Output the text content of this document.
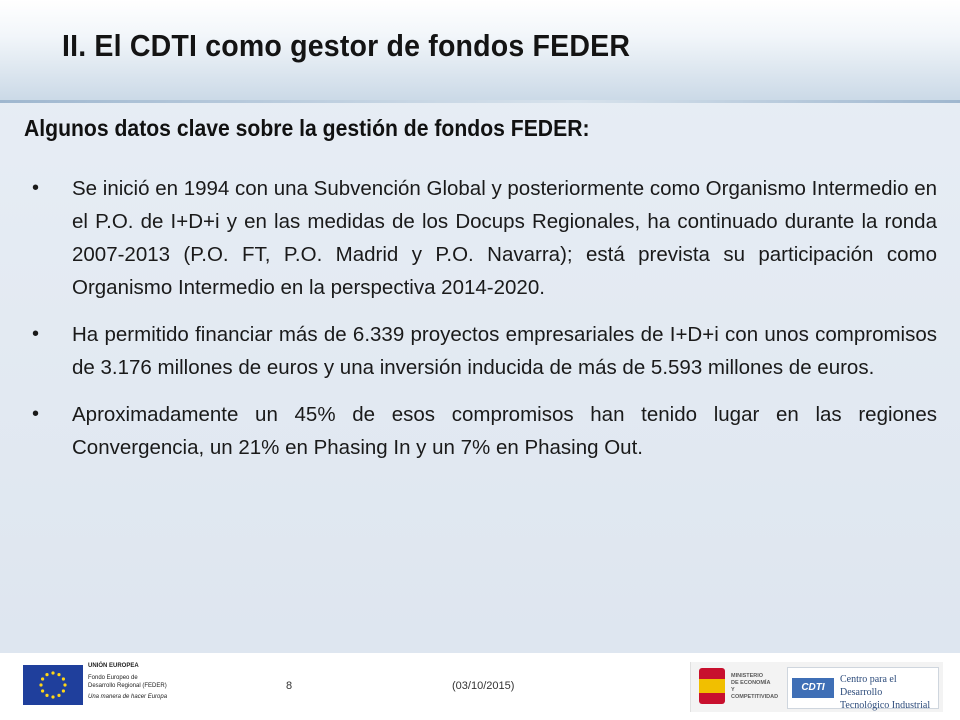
II. El CDTI como gestor de fondos FEDER
Algunos datos clave sobre la gestión de fondos FEDER:
• Se inició en 1994 con una Subvención Global y posteriormente como Organismo Intermedio en el P.O. de I+D+i y en las medidas de los Docups Regionales, ha continuado durante la ronda 2007-2013 (P.O. FT, P.O. Madrid y P.O. Navarra); está prevista su participación como Organismo Intermedio en la perspectiva 2014-2020.
• Ha permitido financiar más de 6.339 proyectos empresariales de I+D+i con unos compromisos de 3.176 millones de euros y una inversión inducida de más de 5.593 millones de euros.
• Aproximadamente un 45% de esos compromisos han tenido lugar en las regiones Convergencia, un 21% en Phasing In y un 7% en Phasing Out.
UNIÓN EUROPEA
Fondo Europeo de
Desarrollo Regional (FEDER)
Una manera de hacer Europa
8	(03/10/2015)
MINISTERIO
DE ECONOMÍA
Y COMPETITIVIDAD
CDTI
Centro para el Desarrollo
Tecnológico Industrial
